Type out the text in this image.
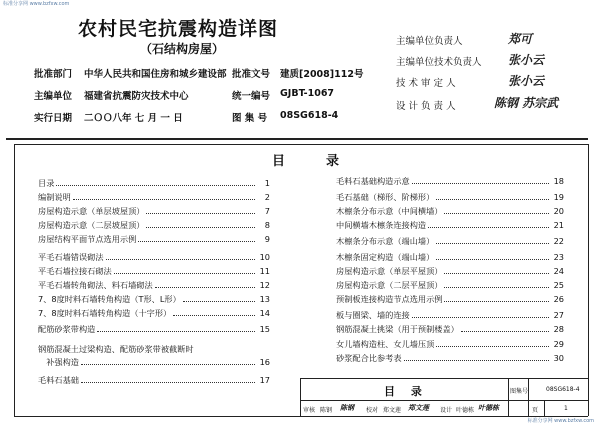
标准分享网 www.bzfxw.com
标准分享网 www.bzfxw.com
农村民宅抗震构造详图
（石结构房屋）
批准部门 中华人民共和国住房和城乡建设部 批准文号 建质[2008]112号
主编单位 福建省抗震防灾技术中心	统一编号 GJBT-1067
实行日期 二ＯＯ八年 七 月 一 日	图 集 号 08SG618-4
主编单位负责人	郑可
主编单位技术负责人 张小云
技 术 审 定 人	张小云
设 计 负 责 人	陈钢 苏宗武
目　录
目录	1
编制说明	2
房屋构造示意（单层坡屋顶）	7
房屋构造示意（二层坡屋顶）	8
房屋结构平面节点选用示例	9
平毛石墙错误砌法	10
平毛石墙拉接石砌法	11
平毛石墙转角砌法、料石墙砌法	12
7、8度时料石墙转角构造（T形、L形）	13
7、8度时料石墙转角构造（十字形）	14
配筋砂浆带构造	15
钢筋混凝土过梁构造、配筋砂浆带被截断时
　补强构造	16
毛料石基础	17
毛料石基础构造示意	18
毛石基础（梯形、阶梯形）	19
木檩条分布示意（中间横墙）	20
中间横墙木檩条连接构造	21
木檩条分布示意（端山墙）	22
木檩条固定构造（端山墙）	23
房屋构造示意（单层平屋顶）	24
房屋构造示意（二层平屋顶）	25
预制板连接构造节点选用示例	26
板与圈梁、墙的连接	27
钢筋混凝土挑梁（用于预制楼盖）	28
女儿墙构造柱、女儿墙压顶	29
砂浆配合比参考表	30
目 录	图集号	08SG618-4
审核 陈钢 陈钢 校对 郑文莲 郑文莲 设计 叶德栋 叶德栋	页	1
